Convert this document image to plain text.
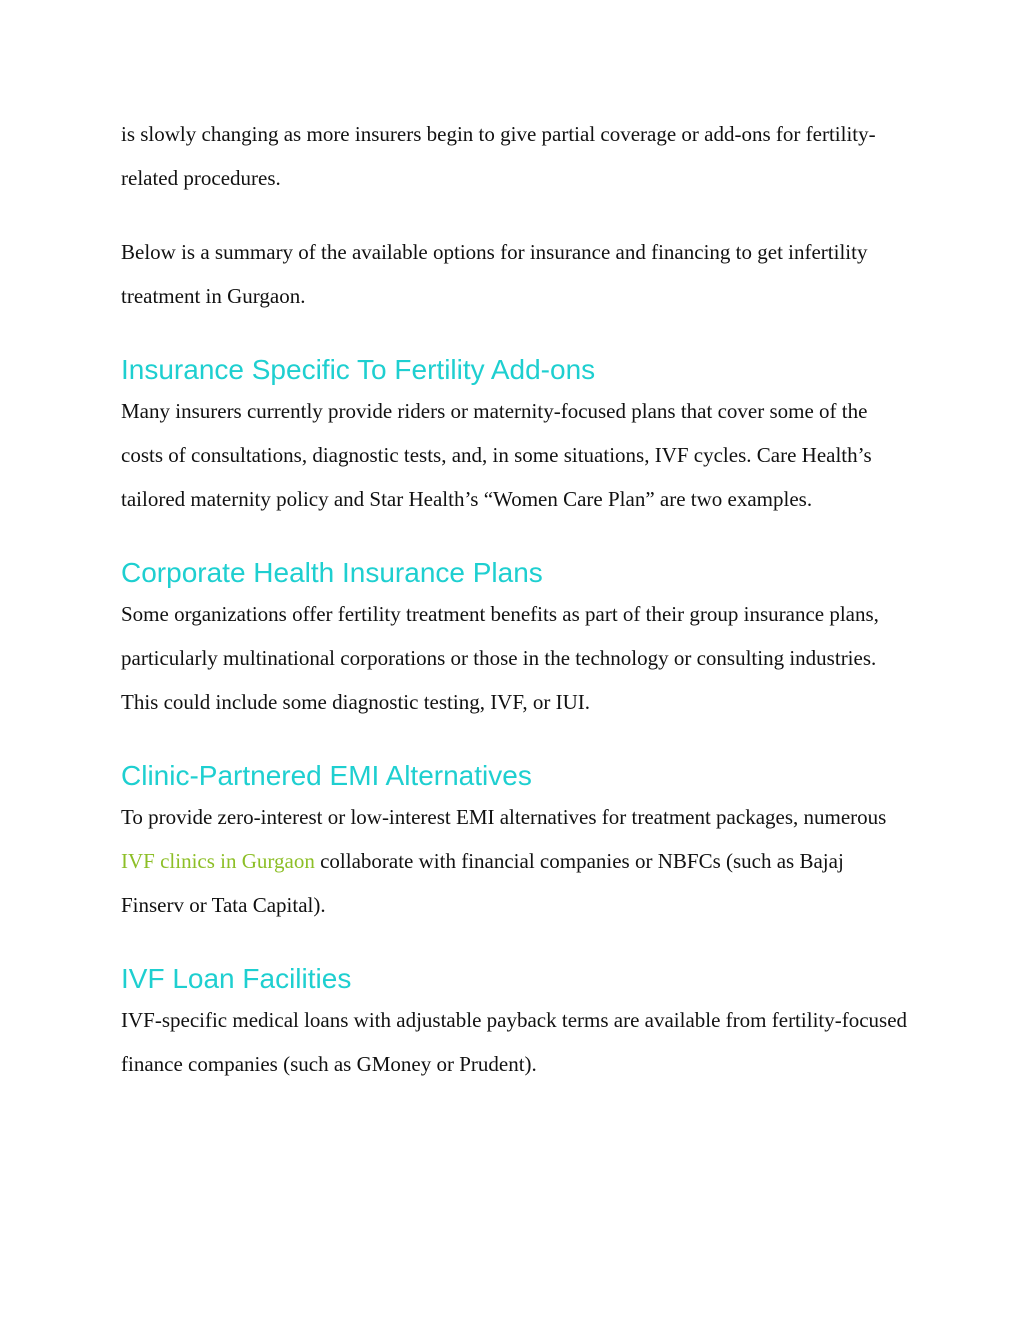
is slowly changing as more insurers begin to give partial coverage or add-ons for fertility-related procedures.

Below is a summary of the available options for insurance and financing to get infertility treatment in Gurgaon.

Insurance Specific To Fertility Add-ons

Many insurers currently provide riders or maternity-focused plans that cover some of the costs of consultations, diagnostic tests, and, in some situations, IVF cycles. Care Health’s tailored maternity policy and Star Health’s “Women Care Plan” are two examples.

Corporate Health Insurance Plans

Some organizations offer fertility treatment benefits as part of their group insurance plans, particularly multinational corporations or those in the technology or consulting industries. This could include some diagnostic testing, IVF, or IUI.

Clinic-Partnered EMI Alternatives

To provide zero-interest or low-interest EMI alternatives for treatment packages, numerous IVF clinics in Gurgaon collaborate with financial companies or NBFCs (such as Bajaj Finserv or Tata Capital).

IVF Loan Facilities

IVF-specific medical loans with adjustable payback terms are available from fertility-focused finance companies (such as GMoney or Prudent).
